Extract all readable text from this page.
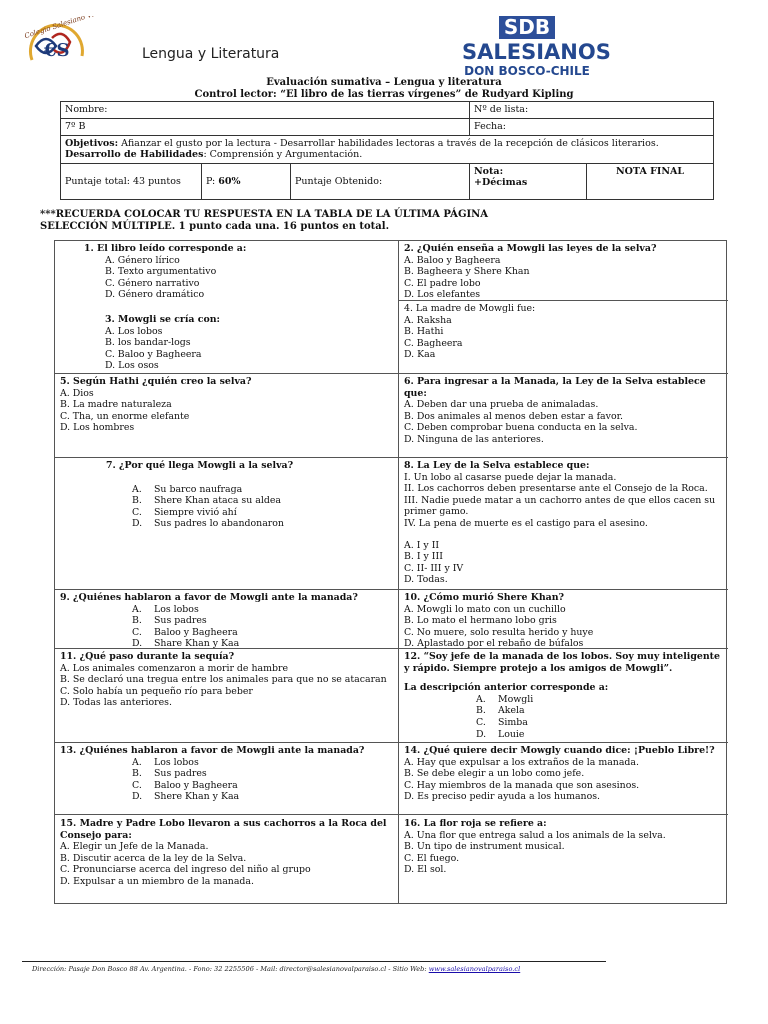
Colegio Salesiano Valparaíso
€S	Lengua y Literatura
SDB
SALESIANOS
DON BOSCO-CHILE
Evaluación sumativa – Lengua y literatura
Control lector: “El libro de las tierras vírgenes” de Rudyard Kipling
Nombre:			Nº de lista:	
7º B			Fecha:	
Objetivos: Afianzar el gusto por la lectura - Desarrollar habilidades lectoras a través de la recepción de clásicos literarios.
Desarrollo de Habilidades: Comprensión y Argumentación.				
Puntaje total: 43 puntos	P: 60%	Puntaje Obtenido:	Nota:
+Décimas	NOTA FINAL
***RECUERDA COLOCAR TU RESPUESTA EN LA TABLA DE LA ÚLTIMA PÁGINA
SELECCIÓN MÚLTIPLE. 1 punto cada una. 16 puntos en total.
1. El libro leído corresponde a:
A. Género lírico
B. Texto argumentativo
C. Género narrativo
D. Género dramático
3. Mowgli se cría con:
A. Los lobos
B. los bandar-logs
C. Baloo y Bagheera
D. Los osos
2. ¿Quién enseña a Mowgli las leyes de la selva?
A. Baloo y Bagheera
B. Bagheera y Shere Khan
C. El padre lobo
D. Los elefantes
4. La madre de Mowgli fue:
A. Raksha
B. Hathi
C. Bagheera
D. Kaa
5. Según Hathi ¿quién creo la selva?
A. Dios
B. La madre naturaleza
C. Tha, un enorme elefante
D. Los hombres
6. Para ingresar a la Manada, la Ley de la Selva establece que:
A. Deben dar una prueba de animaladas.
B. Dos animales al menos deben estar a favor.
C. Deben comprobar buena conducta en la selva.
D. Ninguna de las anteriores.
7. ¿Por qué llega Mowgli a la selva?
A. Su barco naufraga
B. Shere Khan ataca su aldea
C. Siempre vivió ahí
D. Sus padres lo abandonaron
8. La Ley de la Selva establece que:
I. Un lobo al casarse puede dejar la manada.
II. Los cachorros deben presentarse ante el Consejo de la Roca.
III. Nadie puede matar a un cachorro antes de que ellos cacen su primer gamo.
IV. La pena de muerte es el castigo para el asesino.
A. I y II
B. I y III
C. II- III y IV
D. Todas.
9. ¿Quiénes hablaron a favor de Mowgli ante la manada?
A. Los lobos
B. Sus padres
C. Baloo y Bagheera
D. Share Khan y Kaa
10. ¿Cómo murió Shere Khan?
A. Mowgli lo mato con un cuchillo
B. Lo mato el hermano lobo gris
C. No muere, solo resulta herido y huye
D. Aplastado por el rebaño de búfalos
11. ¿Qué paso durante la sequía?
A. Los animales comenzaron a morir de hambre
B. Se declaró una tregua entre los animales para que no se atacaran
C. Solo había un pequeño río para beber
D. Todas las anteriores.
12. “Soy jefe de la manada de los lobos. Soy muy inteligente y rápido. Siempre protejo a los amigos de Mowgli”.
La descripción anterior corresponde a:
A. Mowgli
B. Akela
C. Simba
D. Louie
13. ¿Quiénes hablaron a favor de Mowgli ante la manada?
A. Los lobos
B. Sus padres
C. Baloo y Bagheera
D. Shere Khan y Kaa
14. ¿Qué quiere decir Mowgly cuando dice: ¡Pueblo Libre!?
A. Hay que expulsar a los extraños de la manada.
B. Se debe elegir a un lobo como jefe.
C. Hay miembros de la manada que son asesinos.
D. Es preciso pedir ayuda a los humanos.
15. Madre y Padre Lobo llevaron a sus cachorros a la Roca del Consejo para:
A. Elegir un Jefe de la Manada.
B. Discutir acerca de la ley de la Selva.
C. Pronunciarse acerca del ingreso del niño al grupo
D. Expulsar a un miembro de la manada.
16. La flor roja se refiere a:
A. Una flor que entrega salud a los animals de la selva.
B. Un tipo de instrument musical.
C. El fuego.
D. El sol.
Dirección: Pasaje Don Bosco 88 Av. Argentina. - Fono: 32 2255506 - Mail: director@salesianovalparaiso.cl - Sitio Web: www.salesianovalparaiso.cl
